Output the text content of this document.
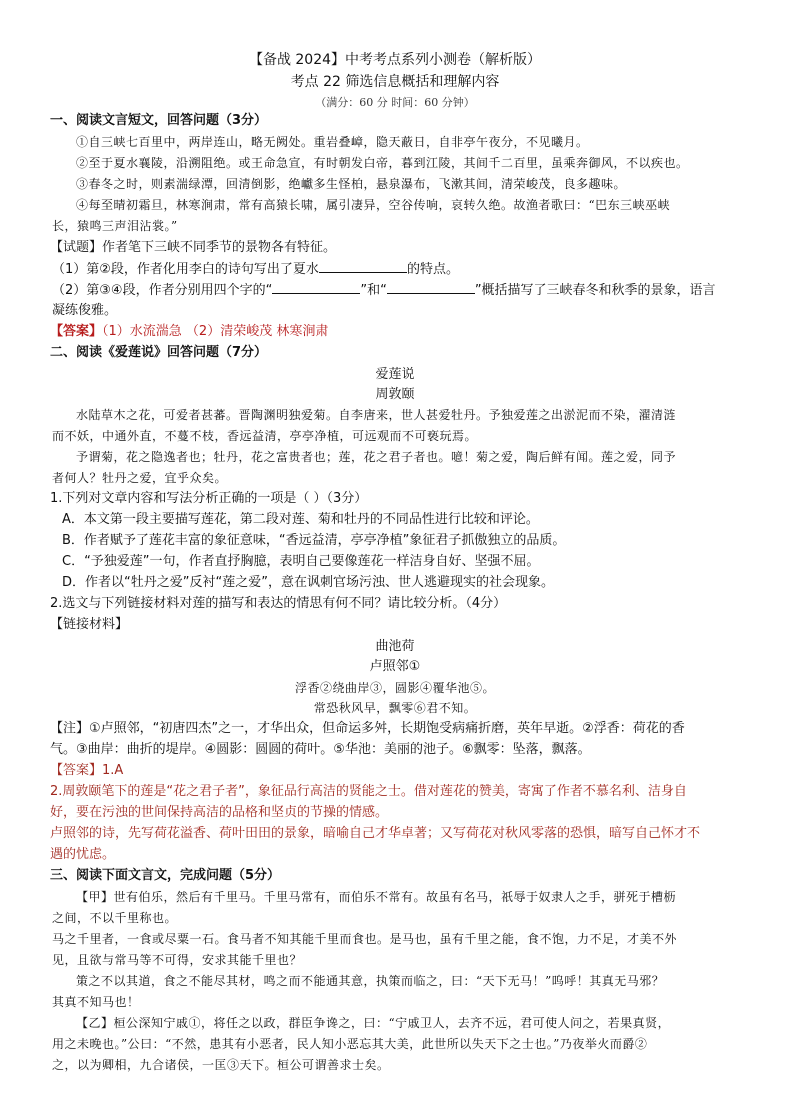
【备战 2024】中考考点系列小测卷（解析版）
考点 22 筛选信息概括和理解内容
（满分：60 分 时间：60 分钟）
一、阅读文言短文，回答问题（3分）
①自三峡七百里中，两岸连山，略无阙处。重岩叠嶂，隐天蔽日，自非亭午夜分，不见曦月。
②至于夏水襄陵，沿溯阻绝。或王命急宣，有时朝发白帝，暮到江陵，其间千二百里，虽乘奔御风，不以疾也。
③春冬之时，则素湍绿潭，回清倒影，绝巘多生怪柏，悬泉瀑布，飞漱其间，清荣峻茂，良多趣味。
④每至晴初霜旦，林寒涧肃，常有高猿长啸，属引凄异，空谷传响，哀转久绝。故渔者歌曰：“巴东三峡巫峡
长，猿鸣三声泪沾裳。”
【试题】作者笔下三峡不同季节的景物各有特征。
（1）第②段，作者化用李白的诗句写出了夏水	的特点。
（2）第③④段，作者分别用四个字的“	”和“	”概括描写了三峡春冬和秋季的景象，语言
凝练俊雅。
【答案】（1）水流湍急 （2）清荣峻茂 林寒涧肃
二、阅读《爱莲说》回答问题（7分）
爱莲说
周敦颐
水陆草木之花，可爱者甚蕃。晋陶渊明独爱菊。自李唐来，世人甚爱牡丹。予独爱莲之出淤泥而不染，濯清涟
而不妖，中通外直，不蔓不枝，香远益清，亭亭净植，可远观而不可亵玩焉。
予谓菊，花之隐逸者也；牡丹，花之富贵者也；莲，花之君子者也。噫！菊之爱，陶后鲜有闻。莲之爱，同予
者何人？牡丹之爱，宜乎众矣。
1.下列对文章内容和写法分析正确的一项是（ ）（3分）
A．本文第一段主要描写莲花，第二段对莲、菊和牡丹的不同品性进行比较和评论。
B．作者赋予了莲花丰富的象征意味，“香远益清，亭亭净植”象征君子抓傲独立的品质。
C．“予独爱莲”一句，作者直抒胸臆，表明自己要像莲花一样洁身自好、坚强不屈。
D．作者以“牡丹之爱”反衬“莲之爱”，意在讽刺官场污浊、世人逃避现实的社会现象。
2.选文与下列链接材料对莲的描写和表达的情思有何不同？请比较分析。（4分）
【链接材料】
曲池荷
卢照邻①
浮香②绕曲岸③，圆影④覆华池⑤。
常恐秋风早，飘零⑥君不知。
【注】①卢照邻，“初唐四杰”之一，才华出众，但命运多舛，长期饱受病痛折磨，英年早逝。②浮香：荷花的香
气。③曲岸：曲折的堤岸。④圆影：圆圆的荷叶。⑤华池：美丽的池子。⑥飘零：坠落，飘落。
【答案】1.A
2.周敦颐笔下的莲是“花之君子者”，象征品行高洁的贤能之士。借对莲花的赞美，寄寓了作者不慕名利、洁身自
好，要在污浊的世间保持高洁的品格和坚贞的节操的情感。
卢照邻的诗，先写荷花溢香、荷叶田田的景象，暗喻自己才华卓著；又写荷花对秋风零落的恐惧，暗写自己怀才不
遇的忧虑。
三、阅读下面文言文，完成问题（5分）
【甲】世有伯乐，然后有千里马。千里马常有，而伯乐不常有。故虽有名马，祇辱于奴隶人之手，骈死于槽枥
之间，不以千里称也。
马之千里者，一食或尽粟一石。食马者不知其能千里而食也。是马也，虽有千里之能，食不饱，力不足，才美不外
见，且欲与常马等不可得，安求其能千里也？
策之不以其道，食之不能尽其材，鸣之而不能通其意，执策而临之，曰：“天下无马！”呜呼！其真无马邪？
其真不知马也！
【乙】桓公深知宁戚①，将任之以政，群臣争谗之，曰：“宁戚卫人，去齐不远，君可使人问之，若果真贤，
用之未晚也。”公曰：“不然，患其有小恶者，民人知小恶忘其大美，此世所以失天下之士也。”乃夜举火而爵②
之，以为卿相，九合诸侯，一匡③天下。桓公可谓善求士矣。
